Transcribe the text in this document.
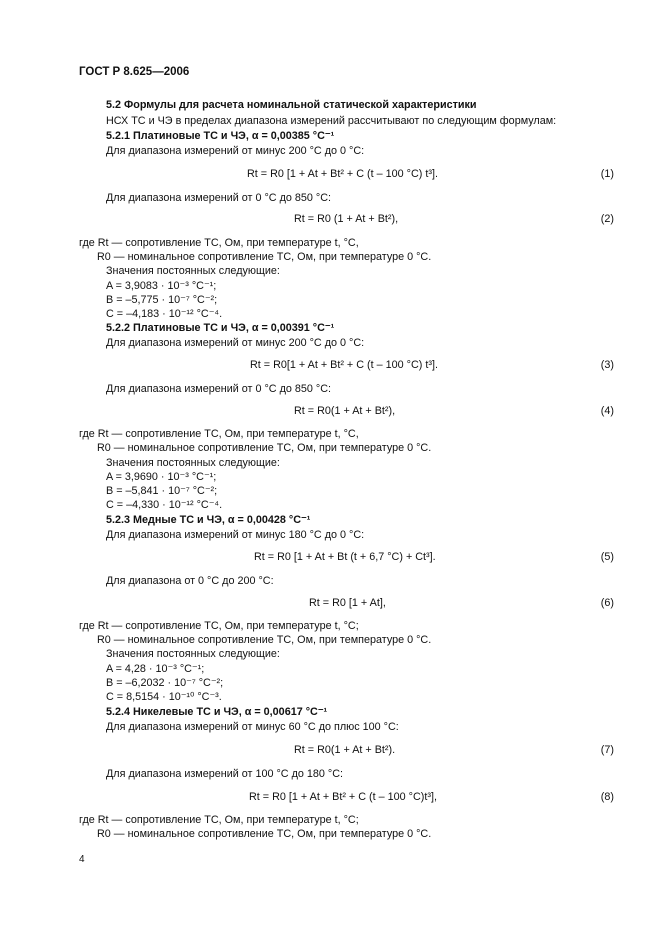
ГОСТ Р 8.625—2006
5.2 Формулы для расчета номинальной статической характеристики
НСХ ТС и ЧЭ в пределах диапазона измерений рассчитывают по следующим формулам:
5.2.1 Платиновые ТС и ЧЭ, α = 0,00385 °С⁻¹
Для диапазона измерений от минус 200 °С до 0 °С:
Rt = R0 [1 + At + Bt² + C (t – 100 °С) t³].	(1)
Для диапазона измерений от 0 °С до 850 °С:
Rt = R0 (1 + At + Bt²),	(2)
где Rt — сопротивление ТС, Ом, при температуре t, °С,
R0 — номинальное сопротивление ТС, Ом, при температуре 0 °С.
Значения постоянных следующие:
A = 3,9083 · 10⁻³ °С⁻¹;
B = –5,775 · 10⁻⁷ °С⁻²;
C = –4,183 · 10⁻¹² °С⁻⁴.
5.2.2 Платиновые ТС и ЧЭ, α = 0,00391 °С⁻¹
Для диапазона измерений от минус 200 °С до 0 °С:
Rt = R0[1 + At + Bt² + C (t – 100 °С) t³].	(3)
Для диапазона измерений от 0 °С до 850 °С:
Rt = R0(1 + At + Bt²),	(4)
где Rt — сопротивление ТС, Ом, при температуре t, °С,
R0 — номинальное сопротивление ТС, Ом, при температуре 0 °С.
Значения постоянных следующие:
A = 3,9690 · 10⁻³ °С⁻¹;
B = –5,841 · 10⁻⁷ °С⁻²;
C = –4,330 · 10⁻¹² °С⁻⁴.
5.2.3 Медные ТС и ЧЭ, α = 0,00428 °С⁻¹
Для диапазона измерений от минус 180 °С до 0 °С:
Rt = R0 [1 + At + Bt (t + 6,7 °С) + Ct³].	(5)
Для диапазона от 0 °С до 200 °С:
Rt = R0 [1 + At],	(6)
где Rt — сопротивление ТС, Ом, при температуре t, °С;
R0 — номинальное сопротивление ТС, Ом, при температуре 0 °С.
Значения постоянных следующие:
A = 4,28 · 10⁻³ °С⁻¹;
B = –6,2032 · 10⁻⁷ °С⁻²;
C = 8,5154 · 10⁻¹⁰ °С⁻³.
5.2.4 Никелевые ТС и ЧЭ, α = 0,00617 °С⁻¹
Для диапазона измерений от минус 60 °С до плюс 100 °С:
Rt = R0(1 + At + Bt²).	(7)
Для диапазона измерений от 100 °С до 180 °С:
Rt = R0 [1 + At + Bt² + C (t – 100 °С)t³],	(8)
где Rt — сопротивление ТС, Ом, при температуре t, °С;
R0 — номинальное сопротивление ТС, Ом, при температуре 0 °С.
4
